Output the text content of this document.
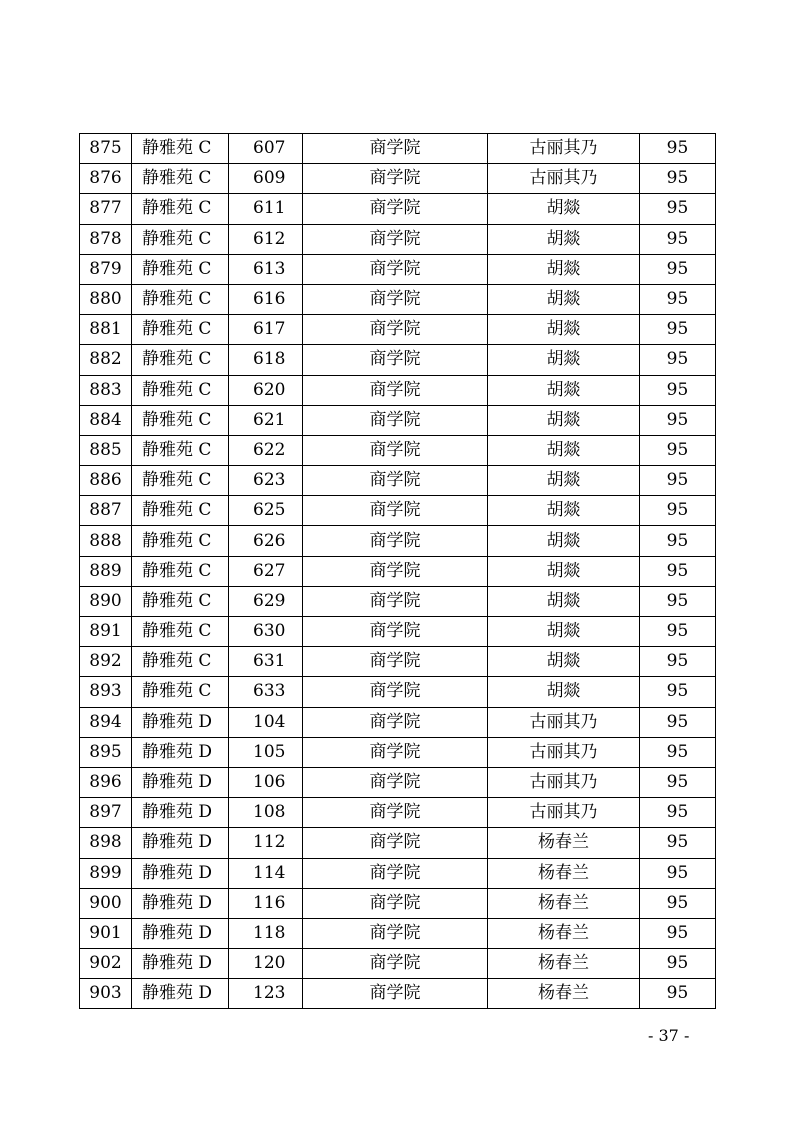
875	静雅苑 C	607	商学院	古丽其乃	95
876	静雅苑 C	609	商学院	古丽其乃	95
877	静雅苑 C	611	商学院	胡燚	95
878	静雅苑 C	612	商学院	胡燚	95
879	静雅苑 C	613	商学院	胡燚	95
880	静雅苑 C	616	商学院	胡燚	95
881	静雅苑 C	617	商学院	胡燚	95
882	静雅苑 C	618	商学院	胡燚	95
883	静雅苑 C	620	商学院	胡燚	95
884	静雅苑 C	621	商学院	胡燚	95
885	静雅苑 C	622	商学院	胡燚	95
886	静雅苑 C	623	商学院	胡燚	95
887	静雅苑 C	625	商学院	胡燚	95
888	静雅苑 C	626	商学院	胡燚	95
889	静雅苑 C	627	商学院	胡燚	95
890	静雅苑 C	629	商学院	胡燚	95
891	静雅苑 C	630	商学院	胡燚	95
892	静雅苑 C	631	商学院	胡燚	95
893	静雅苑 C	633	商学院	胡燚	95
894	静雅苑 D	104	商学院	古丽其乃	95
895	静雅苑 D	105	商学院	古丽其乃	95
896	静雅苑 D	106	商学院	古丽其乃	95
897	静雅苑 D	108	商学院	古丽其乃	95
898	静雅苑 D	112	商学院	杨春兰	95
899	静雅苑 D	114	商学院	杨春兰	95
900	静雅苑 D	116	商学院	杨春兰	95
901	静雅苑 D	118	商学院	杨春兰	95
902	静雅苑 D	120	商学院	杨春兰	95
903	静雅苑 D	123	商学院	杨春兰	95
- 37 -
